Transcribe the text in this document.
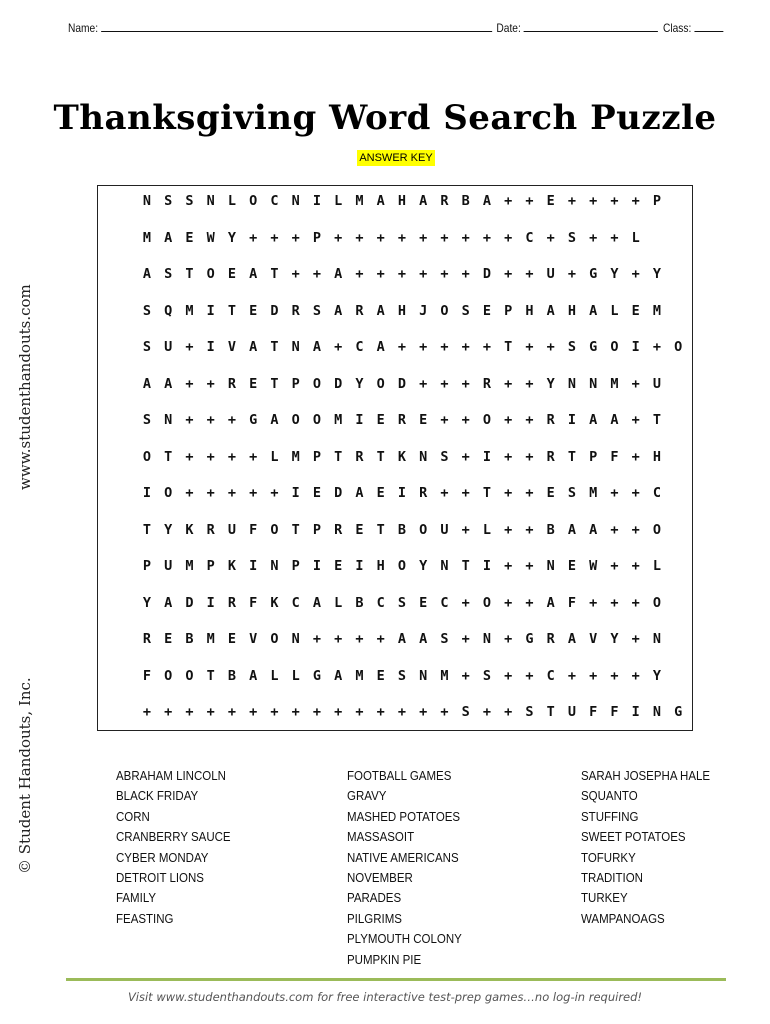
Name:	Date:	Class:
Thanksgiving Word Search Puzzle
ANSWER KEY
www.studenthandouts.com
© Student Handouts, Inc.
N S S N L O C N I L M A H A R B A + + E + + + + P
M A E W Y + + + P + + + + + + + + + C + S + + L
A S T O E A T + + A + + + + + + D + + U + G Y + Y
S Q M I T E D R S A R A H J O S E P H A H A L E M
S U + I V A T N A + C A + + + + + T + + S G O I + O
A A + + R E T P O D Y O D + + + R + + Y N N M + U
S N + + + G A O O M I E R E + + O + + R I A A + T
O T + + + + L M P T R T K N S + I + + R T P F + H
I O + + + + + I E D A E I R + + T + + E S M + + C
T Y K R U F O T P R E T B O U + L + + B A A + + O
P U M P K I N P I E I H O Y N T I + + N E W + + L
Y A D I R F K C A L B C S E C + O + + A F + + + O
R E B M E V O N + + + + A A S + N + G R A V Y + N
F O O T B A L L G A M E S N M + S + + C + + + + Y
+ + + + + + + + + + + + + + + S + + S T U F F I N G
ABRAHAM LINCOLN
BLACK FRIDAY
CORN
CRANBERRY SAUCE
CYBER MONDAY
DETROIT LIONS
FAMILY
FEASTING
FOOTBALL GAMES
GRAVY
MASHED POTATOES
MASSASOIT
NATIVE AMERICANS
NOVEMBER
PARADES
PILGRIMS
PLYMOUTH COLONY
PUMPKIN PIE
SARAH JOSEPHA HALE
SQUANTO
STUFFING
SWEET POTATOES
TOFURKY
TRADITION
TURKEY
WAMPANOAGS
Visit www.studenthandouts.com for free interactive test-prep games…no log-in required!
